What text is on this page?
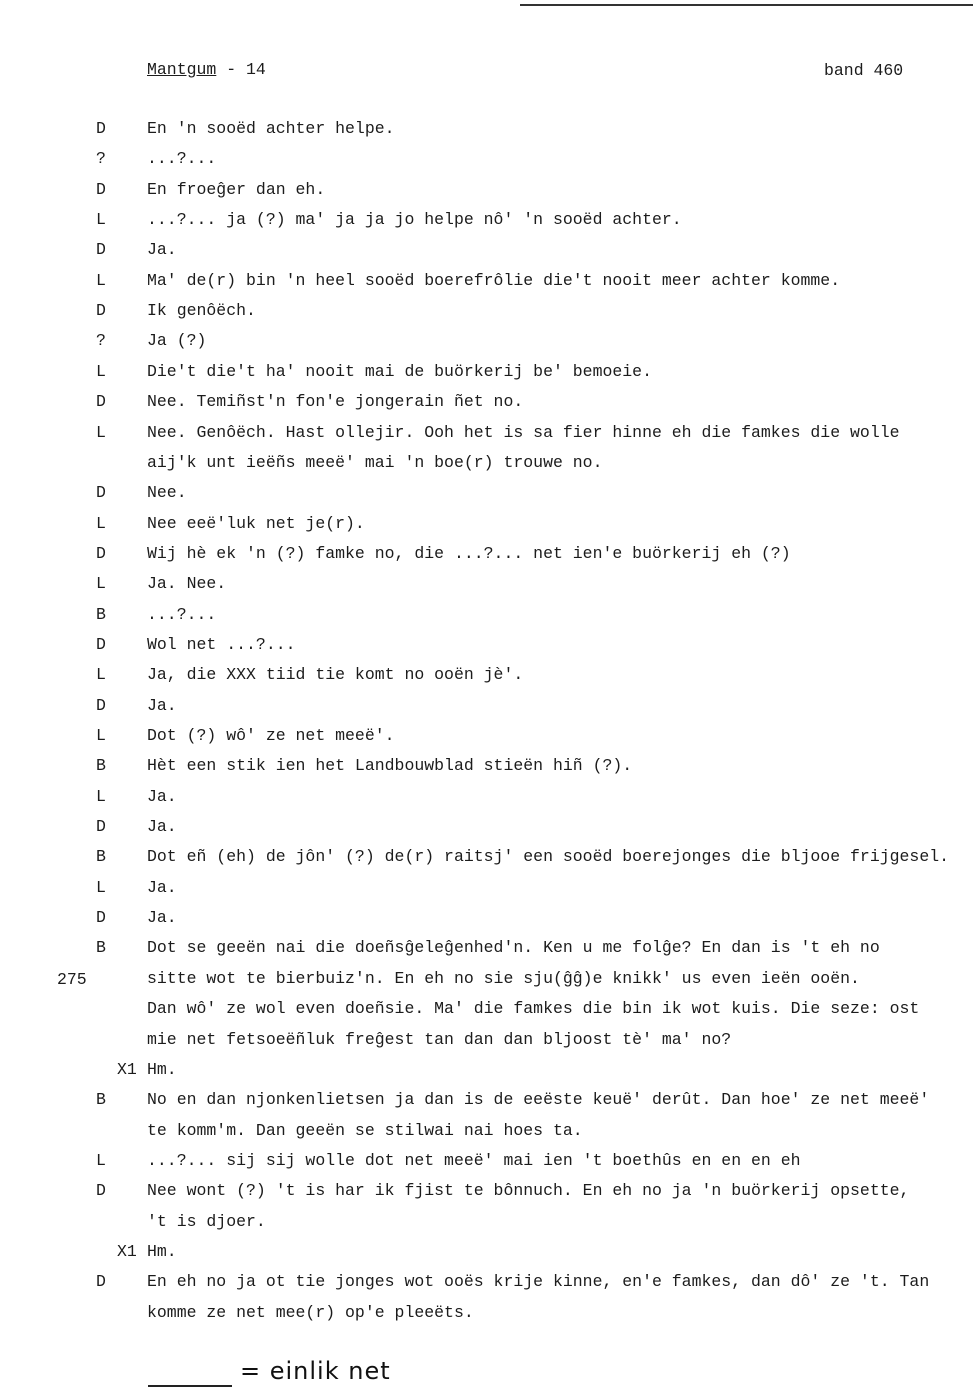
Mantgum - 14	band 460
D	En 'n sooëd achter helpe.
?	...?...
D	En froeĝer dan eh.
L	...?... ja (?) ma' ja ja jo helpe nô' 'n sooëd achter.
D	Ja.
L	Ma' de(r) bin 'n heel sooëd boerefrôlie die't nooit meer achter komme.
D	Ik genôëch.
?	Ja (?)
L	Die't die't ha' nooit mai de buörkerij be' bemoeie.
D	Nee. Temiñst'n fon'e jongerain ñet no.
L	Nee. Genôëch. Hast ollejir. Ooh het is sa fier hinne eh die famkes die wolle
aij'k unt ieëñs meeë' mai 'n boe(r) trouwe no.
D	Nee.
L	Nee eeë'luk net je(r).
D	Wij hè ek 'n (?) famke no, die ...?... net ien'e buörkerij eh (?)
L	Ja. Nee.
B	...?...
D	Wol net ...?...
L	Ja, die XXX tiid tie komt no ooën jè'.
D	Ja.
L	Dot (?) wô' ze net meeë'.
B	Hèt een stik ien het Landbouwblad stieën hiñ (?).
L	Ja.
D	Ja.
B	Dot eñ (eh) de jôn' (?) de(r) raitsj' een sooëd boerejonges die bljooe frijgesel.
L	Ja.
D	Ja.
B	Dot se geeën nai die doeñsĝeleĝenhed'n. Ken u me folĝe? En dan is 't eh no
sitte wot te bierbuiz'n. En eh no sie sju(ĝĝ)e knikk' us even ieën ooën.
Dan wô' ze wol even doeñsie. Ma' die famkes die bin ik wot kuis. Die seze: ost
mie net fetsoeëñluk freĝest tan dan dan bljoost tè' ma' no?
X1 Hm.
B	No en dan njonkenlietsen ja dan is de eeëste keuë' derût. Dan hoe' ze net meeë'
te komm'm. Dan geeën se stilwai nai hoes ta.
L	...?... sij sij wolle dot net meeë' mai ien 't boethûs en en en eh
D	Nee wont (?) 't is har ik fjist te bônnuch. En eh no ja 'n buörkerij opsette,
't is djoer.
X1 Hm.
D	En eh no ja ot tie jonges wot ooës krije kinne, en'e famkes, dan dô' ze 't. Tan
komme ze net mee(r) op'e pleeëts.
275
= einlik net
